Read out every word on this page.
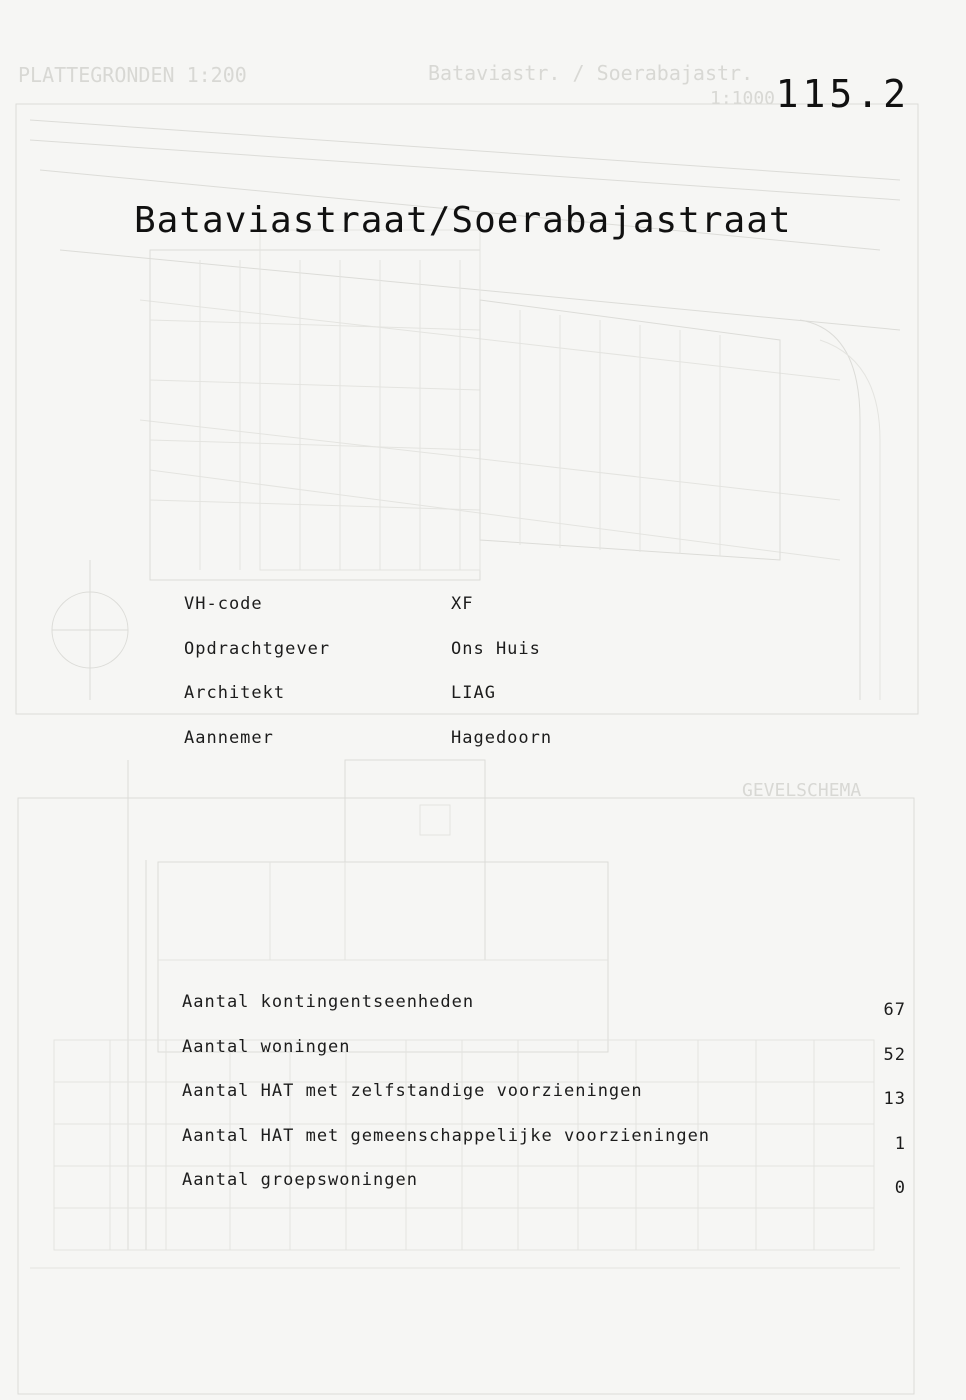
PLATTEGRONDEN 1:200	Bataviastr. / Soerabajastr.
1:1000
GEVELSCHEMA
115.2
Bataviastraat/Soerabajastraat
VH-code	XF
Opdrachtgever	Ons Huis
Architekt	LIAG
Aannemer	Hagedoorn
Aantal kontingentseenheden	67
Aantal woningen	52
Aantal HAT met zelfstandige voorzieningen	13
Aantal HAT met gemeenschappelijke voorzieningen	1
Aantal groepswoningen	0
